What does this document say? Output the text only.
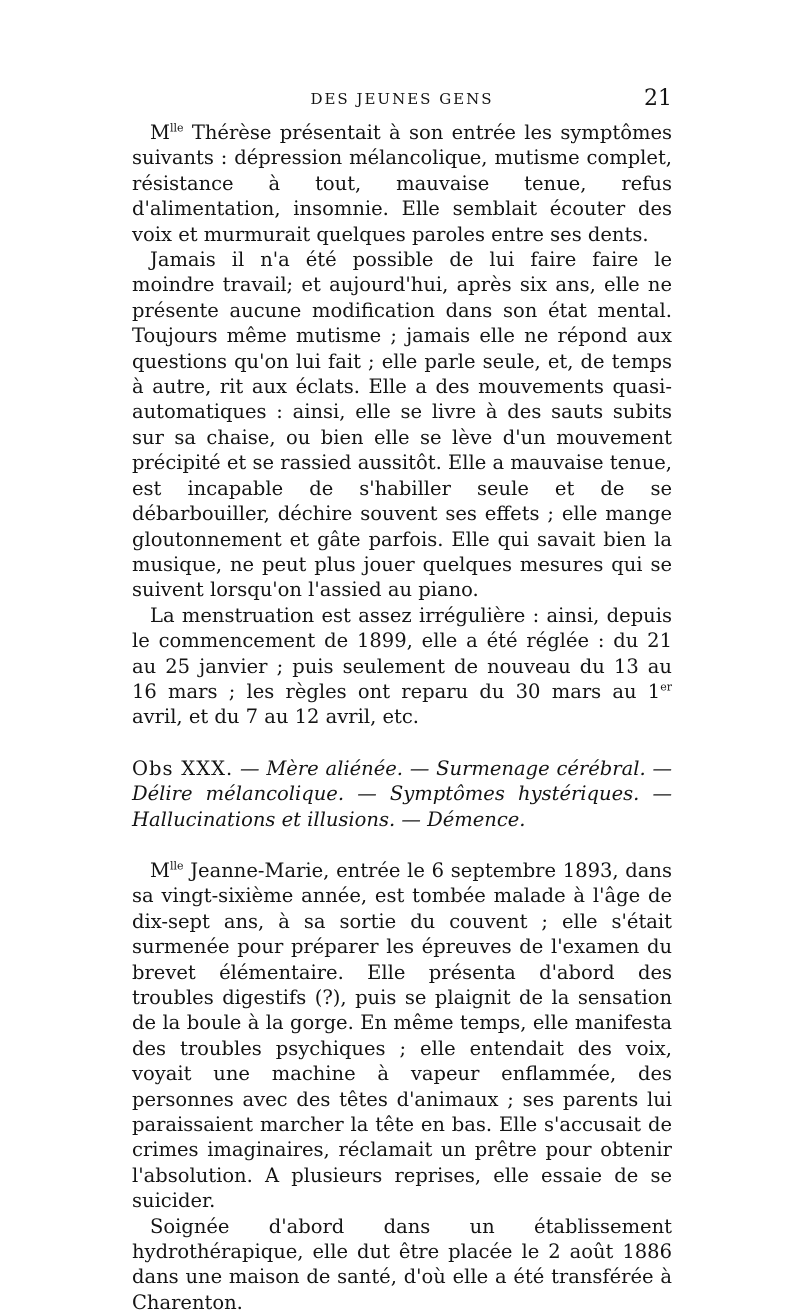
DES JEUNES GENS	21

$M^{lle}$ Thérèse présentait à son entrée les symptômes suivants : dépression mélancolique, mutisme complet, résistance à tout, mauvaise tenue, refus d'alimentation, insomnie. Elle semblait écouter des voix et murmurait quelques paroles entre ses dents.

Jamais il n'a été possible de lui faire faire le moindre travail; et aujourd'hui, après six ans, elle ne présente aucune modification dans son état mental. Toujours même mutisme ; jamais elle ne répond aux questions qu'on lui fait ; elle parle seule, et, de temps à autre, rit aux éclats. Elle a des mouvements quasi-automatiques : ainsi, elle se livre à des sauts subits sur sa chaise, ou bien elle se lève d'un mouvement précipité et se rassied aussitôt. Elle a mauvaise tenue, est incapable de s'habiller seule et de se débarbouiller, déchire souvent ses effets ; elle mange gloutonnement et gâte parfois. Elle qui savait bien la musique, ne peut plus jouer quelques mesures qui se suivent lorsqu'on l'assied au piano.

La menstruation est assez irrégulière : ainsi, depuis le commencement de 1899, elle a été réglée : du 21 au 25 janvier ; puis seulement de nouveau du 13 au 16 mars ; les règles ont reparu du 30 mars au 1er avril, et du 7 au 12 avril, etc.

Obs XXX. — Mère aliénée. — Surmenage cérébral. — Délire mélancolique. — Symptômes hystériques. — Hallucinations et illusions. — Démence.

$M^{lle}$ Jeanne-Marie, entrée le 6 septembre 1893, dans sa vingt-sixième année, est tombée malade à l'âge de dix-sept ans, à sa sortie du couvent ; elle s'était surmenée pour préparer les épreuves de l'examen du brevet élémentaire. Elle présenta d'abord des troubles digestifs (?), puis se plaignit de la sensation de la boule à la gorge. En même temps, elle manifesta des troubles psychiques ; elle entendait des voix, voyait une machine à vapeur enflammée, des personnes avec des têtes d'animaux ; ses parents lui paraissaient marcher la tête en bas. Elle s'accusait de crimes imaginaires, réclamait un prêtre pour obtenir l'absolution. A plusieurs reprises, elle essaie de se suicider.

Soignée d'abord dans un établissement hydrothérapique, elle dut être placée le 2 août 1886 dans une maison de santé, d'où elle a été transférée à Charenton.
